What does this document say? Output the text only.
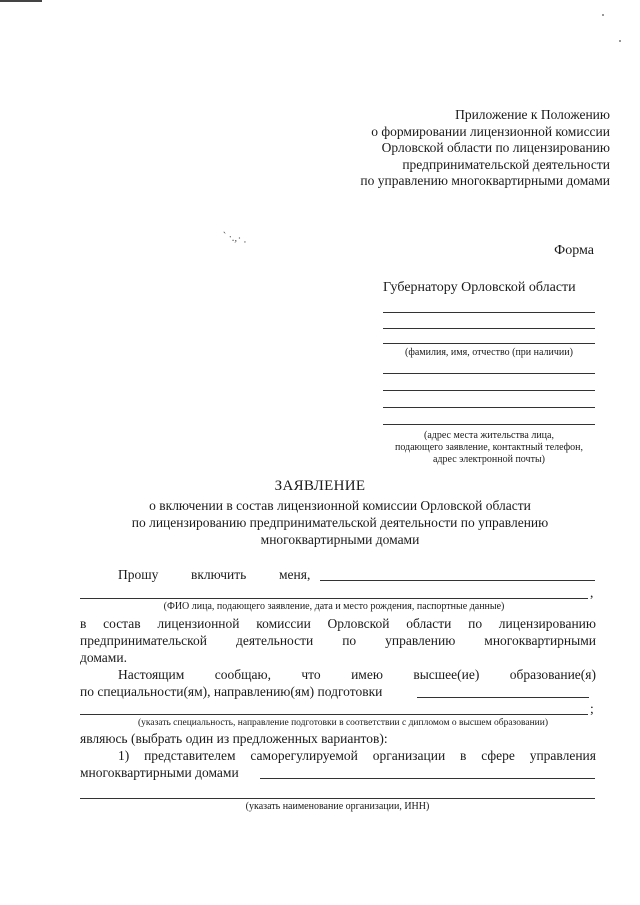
Приложение к Положению
о формировании лицензионной комиссии
Орловской области по лицензированию
предпринимательской деятельности
по управлению многоквартирными домами
` ·.,· .
Форма
Губернатору Орловской области
(фамилия, имя, отчество (при наличии)
(адрес места жительства лица,
подающего заявление, контактный телефон,
адрес электронной почты)
ЗАЯВЛЕНИЕ
о включении в состав лицензионной комиссии Орловской области
по лицензированию предпринимательской деятельности по управлению
многоквартирными домами
Прошу включить меня,
,
(ФИО лица, подающего заявление, дата и место рождения, паспортные данные)
в состав лицензионной комиссии Орловской области по лицензированию
предпринимательской деятельности по управлению многоквартирными
домами.
Настоящим сообщаю, что имею высшее(ие) образование(я)
по специальности(ям), направлению(ям) подготовки
;
(указать специальность, направление подготовки в соответствии с дипломом о высшем образовании)
являюсь (выбрать один из предложенных вариантов):
1) представителем саморегулируемой организации в сфере управления
многоквартирными домами
(указать наименование организации, ИНН)
